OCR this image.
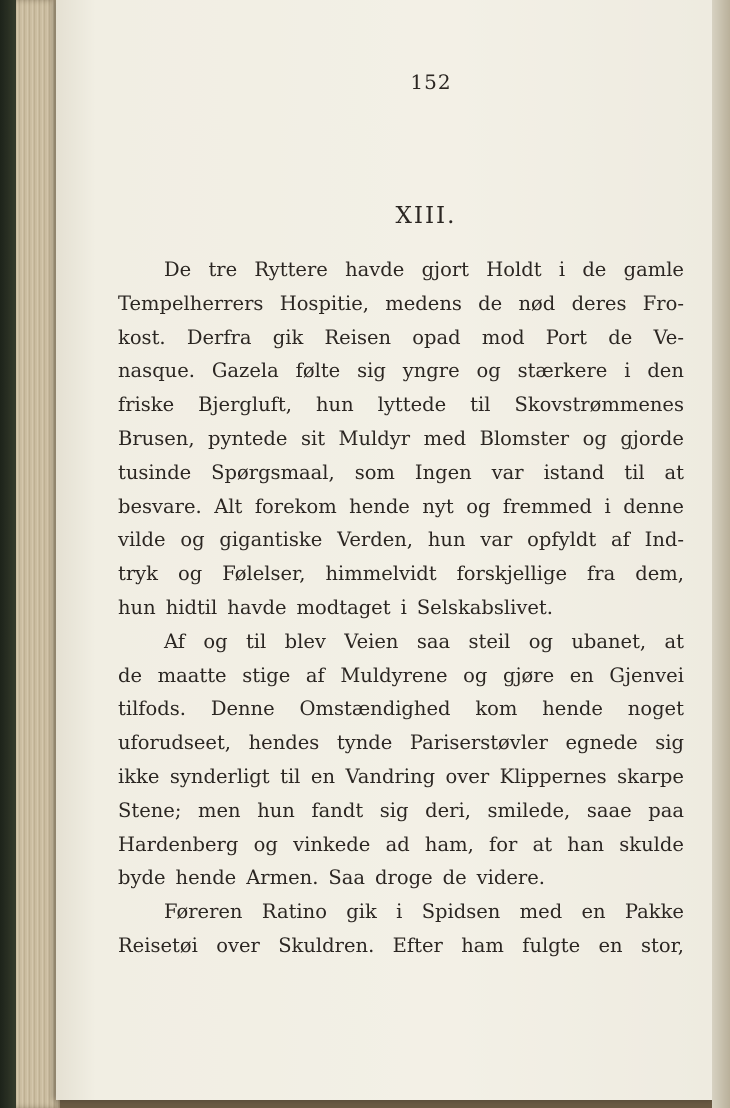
152
XIII.
De tre Ryttere havde gjort Holdt i de gamle
Tempelherrers Hospitie, medens de nød deres Fro-
kost. Derfra gik Reisen opad mod Port de Ve-
nasque. Gazela følte sig yngre og stærkere i den
friske Bjergluft, hun lyttede til Skovstrømmenes
Brusen, pyntede sit Muldyr med Blomster og gjorde
tusinde Spørgsmaal, som Ingen var istand til at
besvare. Alt forekom hende nyt og fremmed i denne
vilde og gigantiske Verden, hun var opfyldt af Ind-
tryk og Følelser, himmelvidt forskjellige fra dem,
hun hidtil havde modtaget i Selskabslivet.
Af og til blev Veien saa steil og ubanet, at
de maatte stige af Muldyrene og gjøre en Gjenvei
tilfods. Denne Omstændighed kom hende noget
uforudseet, hendes tynde Pariserstøvler egnede sig
ikke synderligt til en Vandring over Klippernes skarpe
Stene; men hun fandt sig deri, smilede, saae paa
Hardenberg og vinkede ad ham, for at han skulde
byde hende Armen. Saa droge de videre.
Føreren Ratino gik i Spidsen med en Pakke
Reisetøi over Skuldren. Efter ham fulgte en stor,
